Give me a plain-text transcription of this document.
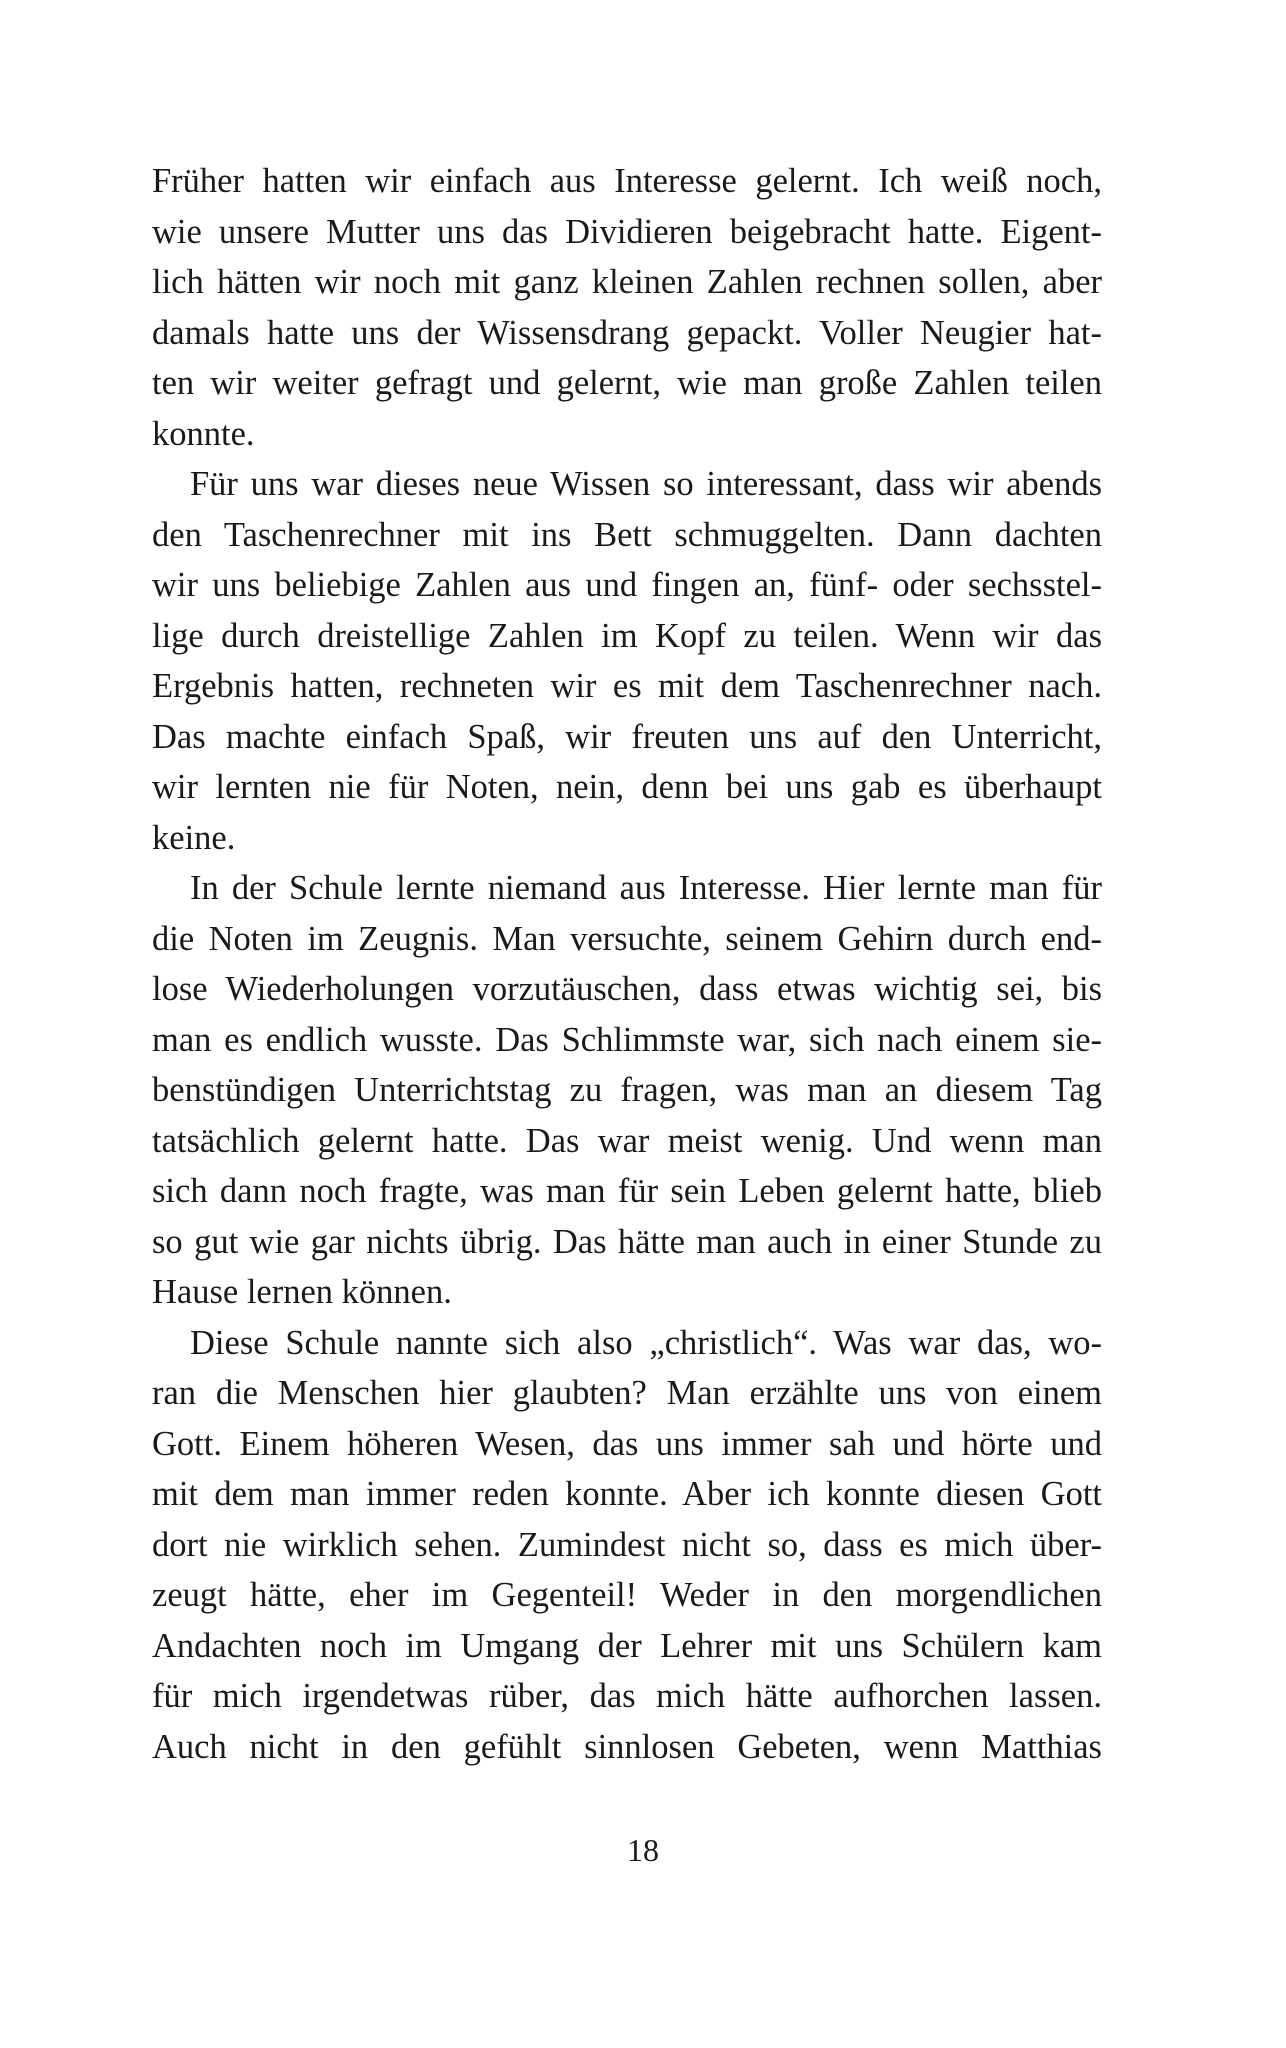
Früher hatten wir einfach aus Interesse gelernt. Ich weiß noch,
wie unsere Mutter uns das Dividieren beigebracht hatte. Eigent-
lich hätten wir noch mit ganz kleinen Zahlen rechnen sollen, aber
damals hatte uns der Wissensdrang gepackt. Voller Neugier hat-
ten wir weiter gefragt und gelernt, wie man große Zahlen teilen
konnte.
Für uns war dieses neue Wissen so interessant, dass wir abends
den Taschenrechner mit ins Bett schmuggelten. Dann dachten
wir uns beliebige Zahlen aus und fingen an, fünf- oder sechsstel-
lige durch dreistellige Zahlen im Kopf zu teilen. Wenn wir das
Ergebnis hatten, rechneten wir es mit dem Taschenrechner nach.
Das machte einfach Spaß, wir freuten uns auf den Unterricht,
wir lernten nie für Noten, nein, denn bei uns gab es überhaupt
keine.
In der Schule lernte niemand aus Interesse. Hier lernte man für
die Noten im Zeugnis. Man versuchte, seinem Gehirn durch end-
lose Wiederholungen vorzutäuschen, dass etwas wichtig sei, bis
man es endlich wusste. Das Schlimmste war, sich nach einem sie-
benstündigen Unterrichtstag zu fragen, was man an diesem Tag
tatsächlich gelernt hatte. Das war meist wenig. Und wenn man
sich dann noch fragte, was man für sein Leben gelernt hatte, blieb
so gut wie gar nichts übrig. Das hätte man auch in einer Stunde zu
Hause lernen können.
Diese Schule nannte sich also „christlich“. Was war das, wo-
ran die Menschen hier glaubten? Man erzählte uns von einem
Gott. Einem höheren Wesen, das uns immer sah und hörte und
mit dem man immer reden konnte. Aber ich konnte diesen Gott
dort nie wirklich sehen. Zumindest nicht so, dass es mich über-
zeugt hätte, eher im Gegenteil! Weder in den morgendlichen
Andachten noch im Umgang der Lehrer mit uns Schülern kam
für mich irgendetwas rüber, das mich hätte aufhorchen lassen.
Auch nicht in den gefühlt sinnlosen Gebeten, wenn Matthias
18
